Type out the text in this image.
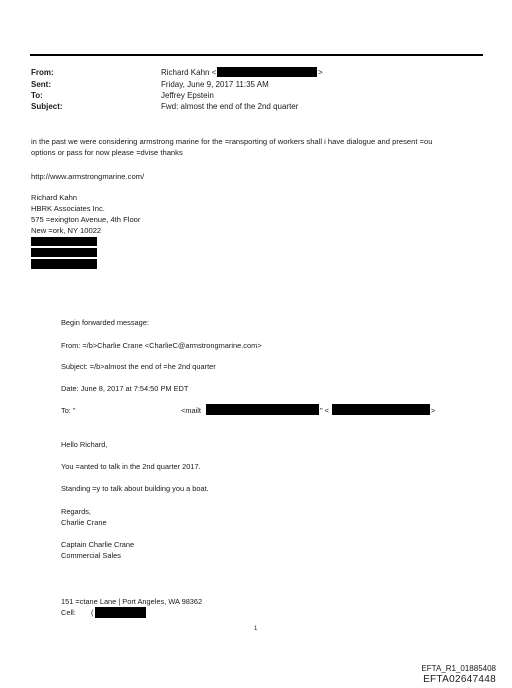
From:	Richard Kahn <	>
Sent:	Friday, June 9, 2017 11:35 AM
To:	Jeffrey Epstein
Subject:	Fwd: almost the end of the 2nd quarter
in the past we were considering armstrong marine for the =ransporting of workers shall i have dialogue and present =ou
options or pass for now please =dvise thanks
http://www.armstrongmarine.com/
Richard Kahn
HBRK Associates Inc.
575 =exington Avenue, 4th Floor
New =ork, NY 10022
Begin forwarded message:
From: =/b>Charlie Crane <CharlieC@armstrongmarine.com>
Subject: =/b>almost the end of =he 2nd quarter
Date: June 8, 2017 at 7:54:50 PM EDT
To: "	<mailt	" <	>
Hello Richard,
You =anted to talk in the 2nd quarter 2017.
Standing =y to talk about building you a boat.
Regards,
Charlie Crane
Captain Charlie Crane
Commercial Sales
151 =ctane Lane | Port Angeles, WA 98362
Cell: (
1
EFTA_R1_01885408
EFTA02647448
